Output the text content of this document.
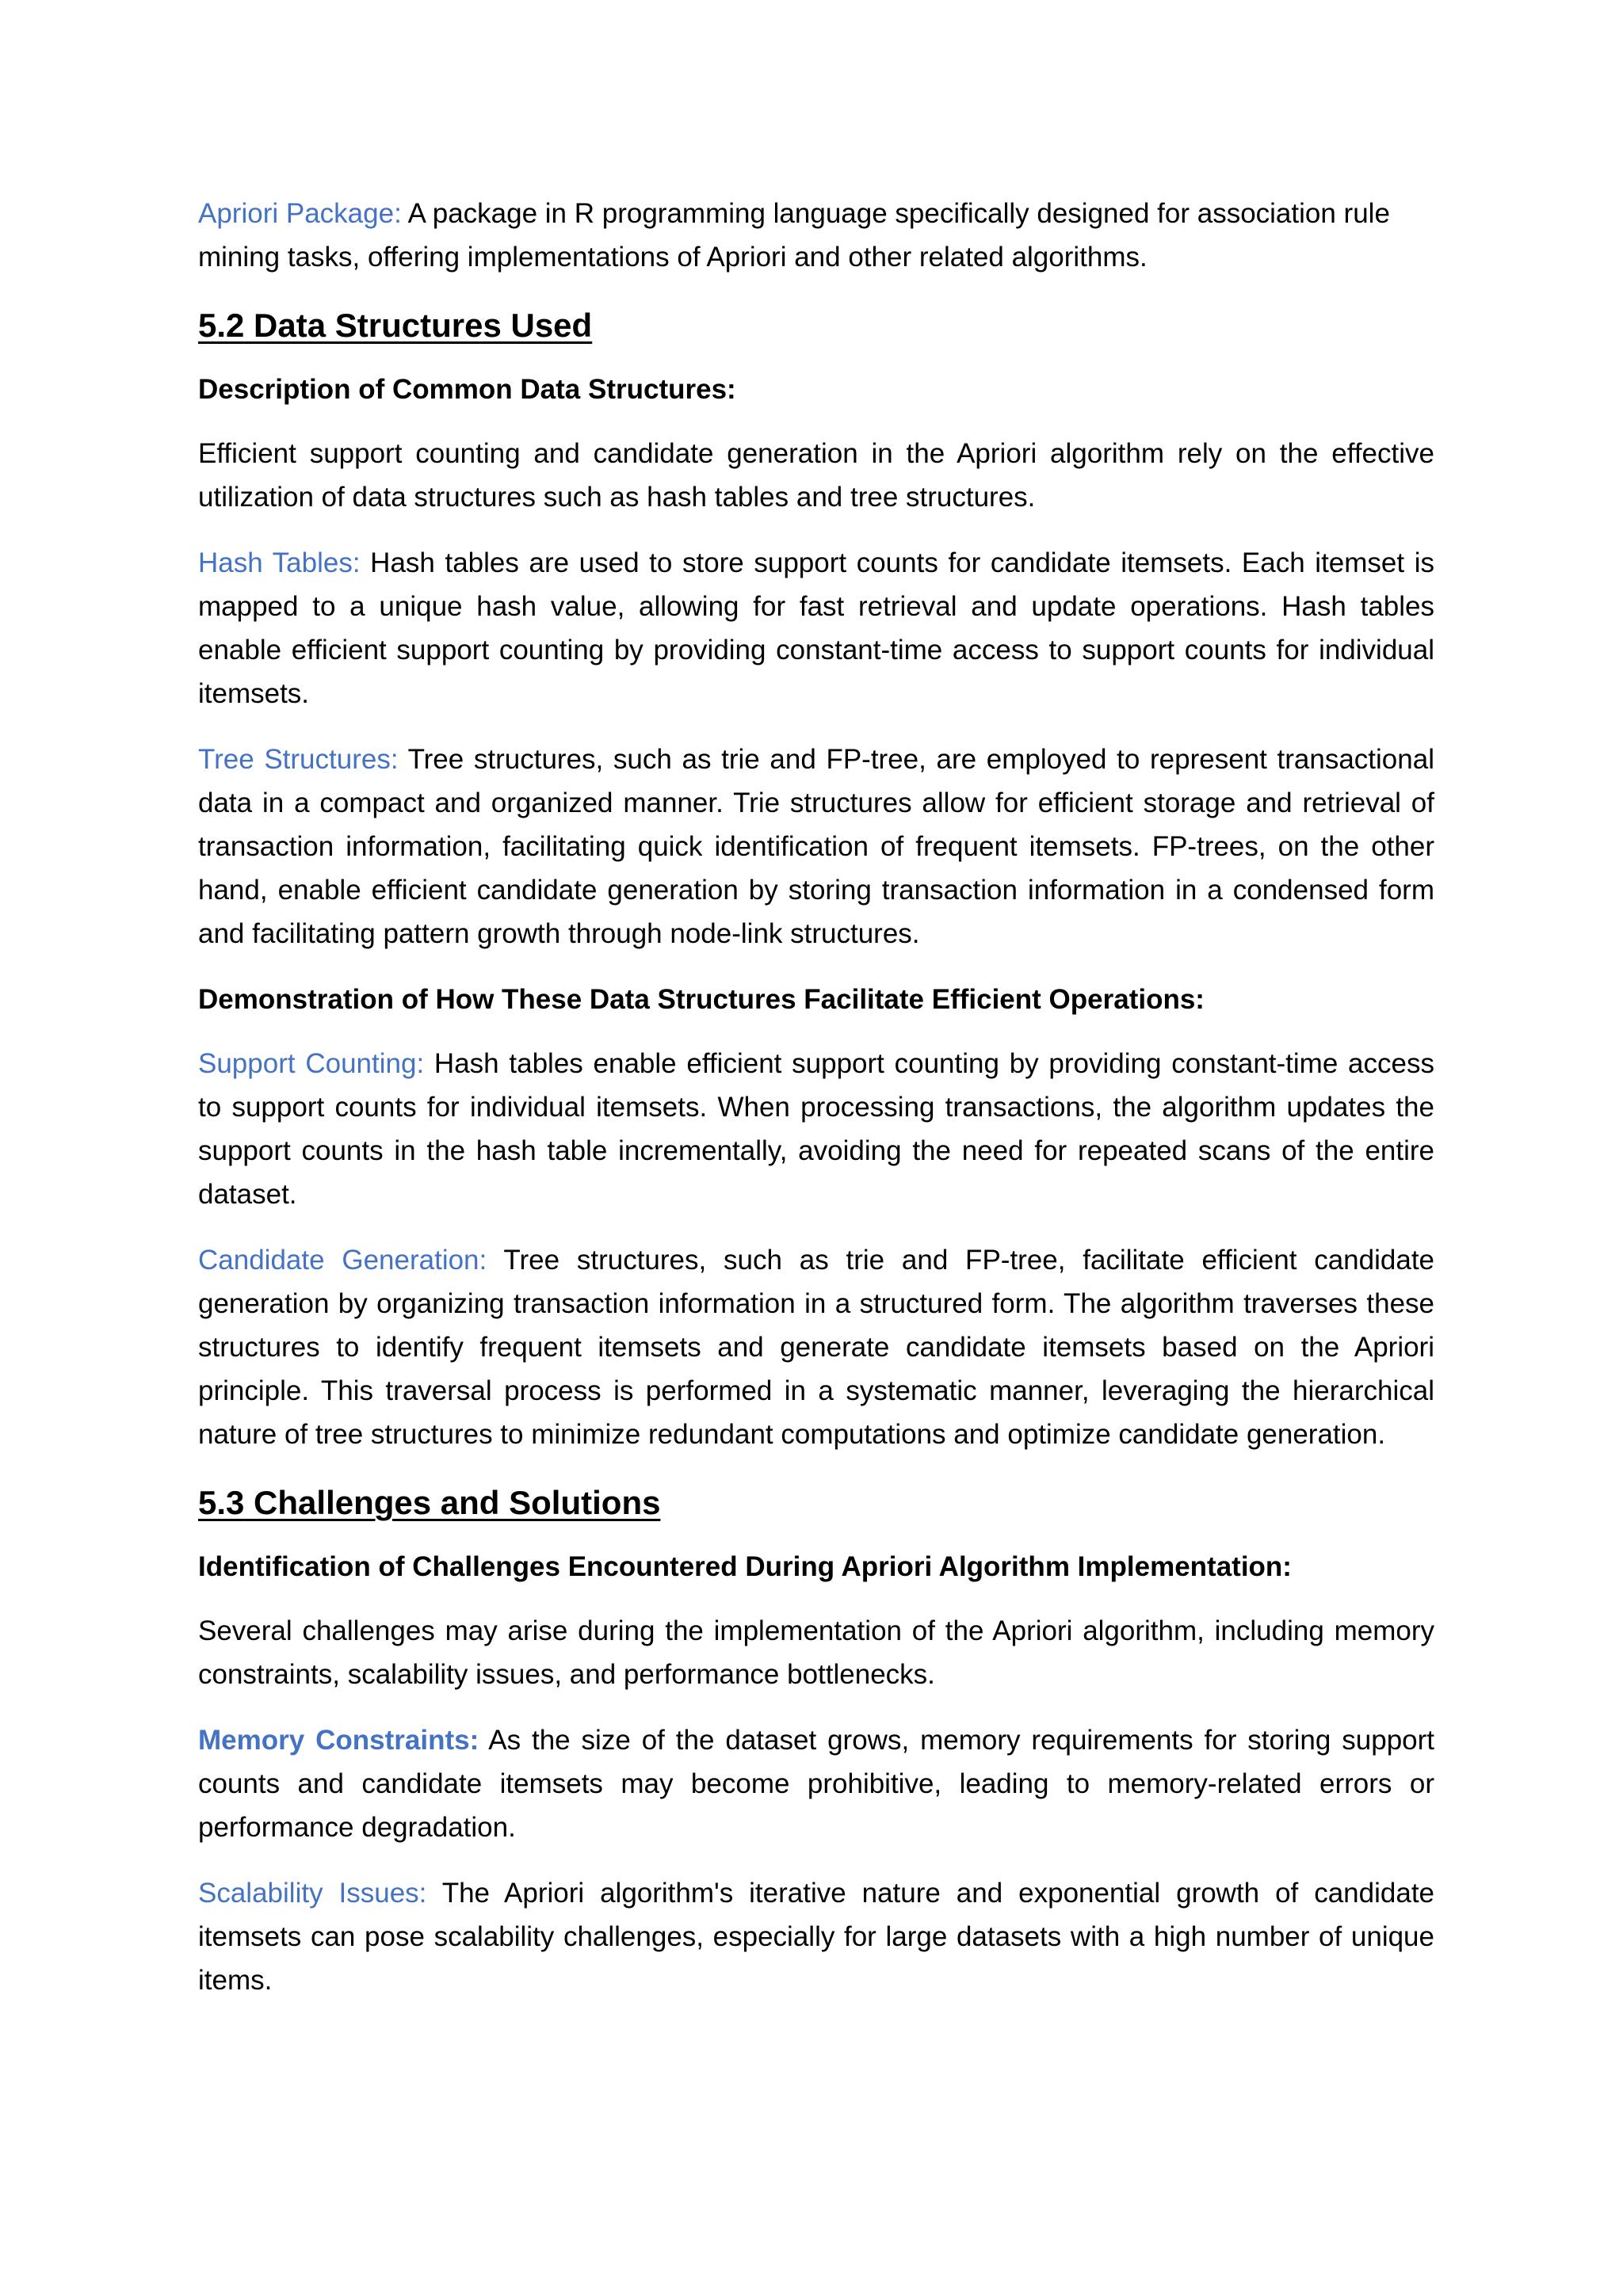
Apriori Package: A package in R programming language specifically designed for association rule mining tasks, offering implementations of Apriori and other related algorithms.

5.2 Data Structures Used

Description of Common Data Structures:

Efficient support counting and candidate generation in the Apriori algorithm rely on the effective utilization of data structures such as hash tables and tree structures.

Hash Tables: Hash tables are used to store support counts for candidate itemsets. Each itemset is mapped to a unique hash value, allowing for fast retrieval and update operations. Hash tables enable efficient support counting by providing constant-time access to support counts for individual itemsets.

Tree Structures: Tree structures, such as trie and FP-tree, are employed to represent transactional data in a compact and organized manner. Trie structures allow for efficient storage and retrieval of transaction information, facilitating quick identification of frequent itemsets. FP-trees, on the other hand, enable efficient candidate generation by storing transaction information in a condensed form and facilitating pattern growth through node-link structures.

Demonstration of How These Data Structures Facilitate Efficient Operations:

Support Counting: Hash tables enable efficient support counting by providing constant-time access to support counts for individual itemsets. When processing transactions, the algorithm updates the support counts in the hash table incrementally, avoiding the need for repeated scans of the entire dataset.

Candidate Generation: Tree structures, such as trie and FP-tree, facilitate efficient candidate generation by organizing transaction information in a structured form. The algorithm traverses these structures to identify frequent itemsets and generate candidate itemsets based on the Apriori principle. This traversal process is performed in a systematic manner, leveraging the hierarchical nature of tree structures to minimize redundant computations and optimize candidate generation.

5.3 Challenges and Solutions

Identification of Challenges Encountered During Apriori Algorithm Implementation:

Several challenges may arise during the implementation of the Apriori algorithm, including memory constraints, scalability issues, and performance bottlenecks.

Memory Constraints: As the size of the dataset grows, memory requirements for storing support counts and candidate itemsets may become prohibitive, leading to memory-related errors or performance degradation.

Scalability Issues: The Apriori algorithm's iterative nature and exponential growth of candidate itemsets can pose scalability challenges, especially for large datasets with a high number of unique items.
